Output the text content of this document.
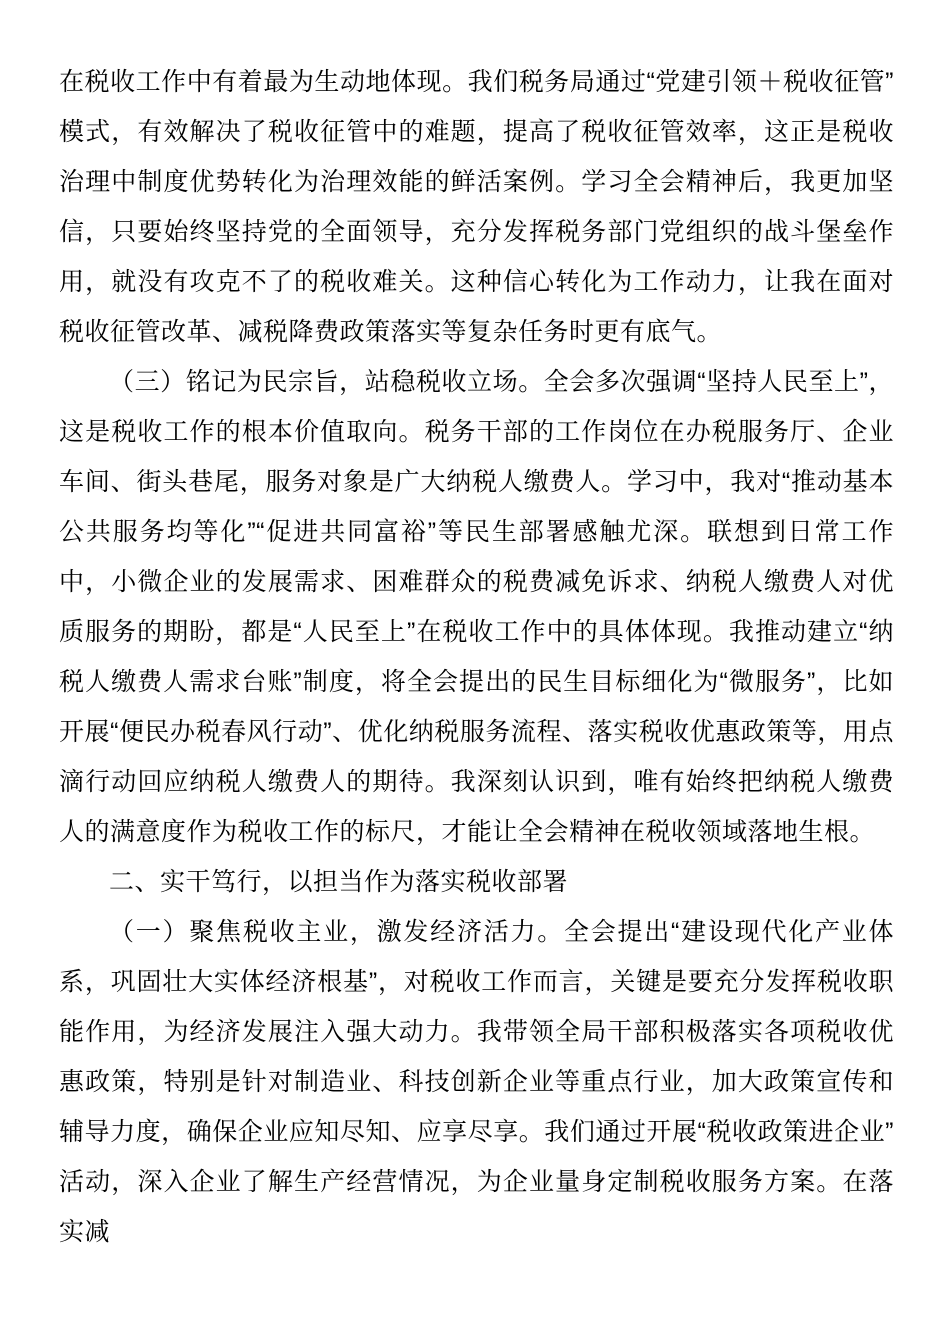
在税收工作中有着最为生动地体现。我们税务局通过“党建引领＋税收征管”模式，有效解决了税收征管中的难题，提高了税收征管效率，这正是税收治理中制度优势转化为治理效能的鲜活案例。学习全会精神后，我更加坚信，只要始终坚持党的全面领导，充分发挥税务部门党组织的战斗堡垒作用，就没有攻克不了的税收难关。这种信心转化为工作动力，让我在面对税收征管改革、减税降费政策落实等复杂任务时更有底气。

（三）铭记为民宗旨，站稳税收立场。全会多次强调“坚持人民至上”，这是税收工作的根本价值取向。税务干部的工作岗位在办税服务厅、企业车间、街头巷尾，服务对象是广大纳税人缴费人。学习中，我对“推动基本公共服务均等化”“促进共同富裕”等民生部署感触尤深。联想到日常工作中，小微企业的发展需求、困难群众的税费减免诉求、纳税人缴费人对优质服务的期盼，都是“人民至上”在税收工作中的具体体现。我推动建立“纳税人缴费人需求台账”制度，将全会提出的民生目标细化为“微服务”，比如开展“便民办税春风行动”、优化纳税服务流程、落实税收优惠政策等，用点滴行动回应纳税人缴费人的期待。我深刻认识到，唯有始终把纳税人缴费人的满意度作为税收工作的标尺，才能让全会精神在税收领域落地生根。

二、实干笃行，以担当作为落实税收部署

（一）聚焦税收主业，激发经济活力。全会提出“建设现代化产业体系，巩固壮大实体经济根基”，对税收工作而言，关键是要充分发挥税收职能作用，为经济发展注入强大动力。我带领全局干部积极落实各项税收优惠政策，特别是针对制造业、科技创新企业等重点行业，加大政策宣传和辅导力度，确保企业应知尽知、应享尽享。我们通过开展“税收政策进企业”活动，深入企业了解生产经营情况，为企业量身定制税收服务方案。在落实减
